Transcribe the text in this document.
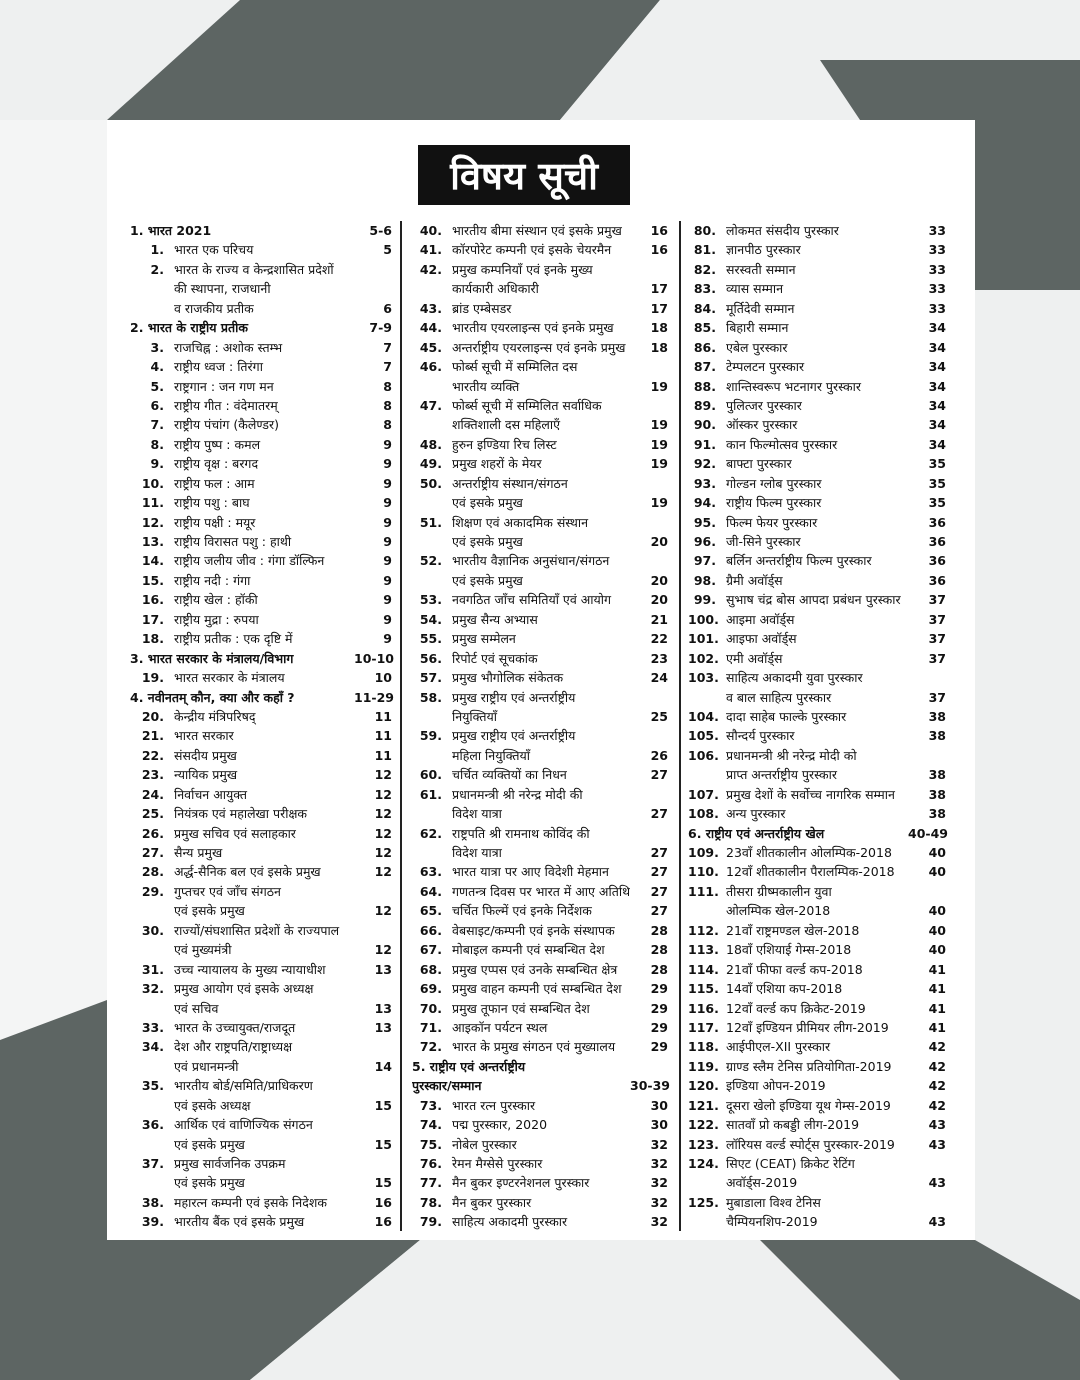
विषय सूची
1. भारत 2021	5-6
1. भारत एक परिचय	5
2. भारत के राज्य व केन्द्रशासित प्रदेशों
की स्थापना, राजधानी
व राजकीय प्रतीक	6
2. भारत के राष्ट्रीय प्रतीक	7-9
3. राजचिह्न : अशोक स्तम्भ	7
4. राष्ट्रीय ध्वज : तिरंगा	7
5. राष्ट्रगान : जन गण मन	8
6. राष्ट्रीय गीत : वंदेमातरम्	8
7. राष्ट्रीय पंचांग (कैलेण्डर)	8
8. राष्ट्रीय पुष्प : कमल	9
9. राष्ट्रीय वृक्ष : बरगद	9
10. राष्ट्रीय फल : आम	9
11. राष्ट्रीय पशु : बाघ	9
12. राष्ट्रीय पक्षी : मयूर	9
13. राष्ट्रीय विरासत पशु : हाथी	9
14. राष्ट्रीय जलीय जीव : गंगा डॉल्फिन	9
15. राष्ट्रीय नदी : गंगा	9
16. राष्ट्रीय खेल : हॉकी	9
17. राष्ट्रीय मुद्रा : रुपया	9
18. राष्ट्रीय प्रतीक : एक दृष्टि में	9
3. भारत सरकार के मंत्रालय/विभाग	10-10
19. भारत सरकार के मंत्रालय	10
4. नवीनतम् कौन, क्या और कहाँ ?	11-29
20. केन्द्रीय मंत्रिपरिषद्	11
21. भारत सरकार	11
22. संसदीय प्रमुख	11
23. न्यायिक प्रमुख	12
24. निर्वाचन आयुक्त	12
25. नियंत्रक एवं महालेखा परीक्षक	12
26. प्रमुख सचिव एवं सलाहकार	12
27. सैन्य प्रमुख	12
28. अर्द्ध-सैनिक बल एवं इसके प्रमुख	12
29. गुप्तचर एवं जाँच संगठन
एवं इसके प्रमुख	12
30. राज्यों/संघशासित प्रदेशों के राज्यपाल
एवं मुख्यमंत्री	12
31. उच्च न्यायालय के मुख्य न्यायाधीश	13
32. प्रमुख आयोग एवं इसके अध्यक्ष
एवं सचिव	13
33. भारत के उच्चायुक्त/राजदूत	13
34. देश और राष्ट्रपति/राष्ट्राध्यक्ष
एवं प्रधानमन्त्री	14
35. भारतीय बोर्ड/समिति/प्राधिकरण
एवं इसके अध्यक्ष	15
36. आर्थिक एवं वाणिज्यिक संगठन
एवं इसके प्रमुख	15
37. प्रमुख सार्वजनिक उपक्रम
एवं इसके प्रमुख	15
38. महारत्न कम्पनी एवं इसके निदेशक	16
39. भारतीय बैंक एवं इसके प्रमुख	16
40. भारतीय बीमा संस्थान एवं इसके प्रमुख	16
41. कॉरपोरेट कम्पनी एवं इसके चेयरमैन	16
42. प्रमुख कम्पनियाँ एवं इनके मुख्य
कार्यकारी अधिकारी	17
43. ब्रांड एम्बेसडर	17
44. भारतीय एयरलाइन्स एवं इनके प्रमुख	18
45. अन्तर्राष्ट्रीय एयरलाइन्स एवं इनके प्रमुख	18
46. फोर्ब्स सूची में सम्मिलित दस
भारतीय व्यक्ति	19
47. फोर्ब्स सूची में सम्मिलित सर्वाधिक
शक्तिशाली दस महिलाएँ	19
48. हुरुन इण्डिया रिच लिस्ट	19
49. प्रमुख शहरों के मेयर	19
50. अन्तर्राष्ट्रीय संस्थान/संगठन
एवं इसके प्रमुख	19
51. शिक्षण एवं अकादमिक संस्थान
एवं इसके प्रमुख	20
52. भारतीय वैज्ञानिक अनुसंधान/संगठन
एवं इसके प्रमुख	20
53. नवगठित जाँच समितियाँ एवं आयोग	20
54. प्रमुख सैन्य अभ्यास	21
55. प्रमुख सम्मेलन	22
56. रिपोर्ट एवं सूचकांक	23
57. प्रमुख भौगोलिक संकेतक	24
58. प्रमुख राष्ट्रीय एवं अन्तर्राष्ट्रीय
नियुक्तियाँ	25
59. प्रमुख राष्ट्रीय एवं अन्तर्राष्ट्रीय
महिला नियुक्तियाँ	26
60. चर्चित व्यक्तियों का निधन	27
61. प्रधानमन्त्री श्री नरेन्द्र मोदी की
विदेश यात्रा	27
62. राष्ट्रपति श्री रामनाथ कोविंद की
विदेश यात्रा	27
63. भारत यात्रा पर आए विदेशी मेहमान	27
64. गणतन्त्र दिवस पर भारत में आए अतिथि	27
65. चर्चित फिल्में एवं इनके निर्देशक	27
66. वेबसाइट/कम्पनी एवं इनके संस्थापक	28
67. मोबाइल कम्पनी एवं सम्बन्धित देश	28
68. प्रमुख एप्पस एवं उनके सम्बन्धित क्षेत्र	28
69. प्रमुख वाहन कम्पनी एवं सम्बन्धित देश	29
70. प्रमुख तूफान एवं सम्बन्धित देश	29
71. आइकॉन पर्यटन स्थल	29
72. भारत के प्रमुख संगठन एवं मुख्यालय	29
5. राष्ट्रीय एवं अन्तर्राष्ट्रीय
पुरस्कार/सम्मान	30-39
73. भारत रत्न पुरस्कार	30
74. पद्म पुरस्कार, 2020	30
75. नोबेल पुरस्कार	32
76. रेमन मैग्सेसे पुरस्कार	32
77. मैन बुकर इण्टरनेशनल पुरस्कार	32
78. मैन बुकर पुरस्कार	32
79. साहित्य अकादमी पुरस्कार	32
80. लोकमत संसदीय पुरस्कार	33
81. ज्ञानपीठ पुरस्कार	33
82. सरस्वती सम्मान	33
83. व्यास सम्मान	33
84. मूर्तिदेवी सम्मान	33
85. बिहारी सम्मान	34
86. एबेल पुरस्कार	34
87. टेम्पलटन पुरस्कार	34
88. शान्तिस्वरूप भटनागर पुरस्कार	34
89. पुलित्जर पुरस्कार	34
90. ऑस्कर पुरस्कार	34
91. कान फिल्मोत्सव पुरस्कार	34
92. बाफ्टा पुरस्कार	35
93. गोल्डन ग्लोब पुरस्कार	35
94. राष्ट्रीय फिल्म पुरस्कार	35
95. फिल्म फेयर पुरस्कार	36
96. जी-सिने पुरस्कार	36
97. बर्लिन अन्तर्राष्ट्रीय फिल्म पुरस्कार	36
98. ग्रैमी अवॉर्ड्स	36
99. सुभाष चंद्र बोस आपदा प्रबंधन पुरस्कार	37
100. आइमा अवॉर्ड्स	37
101. आइफा अवॉर्ड्स	37
102. एमी अवॉर्ड्स	37
103. साहित्य अकादमी युवा पुरस्कार
व बाल साहित्य पुरस्कार	37
104. दादा साहेब फाल्के पुरस्कार	38
105. सौन्दर्य पुरस्कार	38
106. प्रधानमन्त्री श्री नरेन्द्र मोदी को
प्राप्त अन्तर्राष्ट्रीय पुरस्कार	38
107. प्रमुख देशों के सर्वोच्च नागरिक सम्मान	38
108. अन्य पुरस्कार	38
6. राष्ट्रीय एवं अन्तर्राष्ट्रीय खेल	40-49
109. 23वाँ शीतकालीन ओलम्पिक-2018	40
110. 12वाँ शीतकालीन पैरालम्पिक-2018	40
111. तीसरा ग्रीष्मकालीन युवा
ओलम्पिक खेल-2018	40
112. 21वाँ राष्ट्रमण्डल खेल-2018	40
113. 18वाँ एशियाई गेम्स-2018	40
114. 21वाँ फीफा वर्ल्ड कप-2018	41
115. 14वाँ एशिया कप-2018	41
116. 12वाँ वर्ल्ड कप क्रिकेट-2019	41
117. 12वाँ इण्डियन प्रीमियर लीग-2019	41
118. आईपीएल-XII पुरस्कार	42
119. ग्राण्ड स्लैम टेनिस प्रतियोगिता-2019	42
120. इण्डिया ओपन-2019	42
121. दूसरा खेलो इण्डिया यूथ गेम्स-2019	42
122. सातवाँ प्रो कबड्डी लीग-2019	43
123. लॉरियस वर्ल्ड स्पोर्ट्स पुरस्कार-2019	43
124. सिएट (CEAT) क्रिकेट रेटिंग
अवॉर्ड्स-2019	43
125. मुबाडाला विश्व टेनिस
चैम्पियनशिप-2019	43
